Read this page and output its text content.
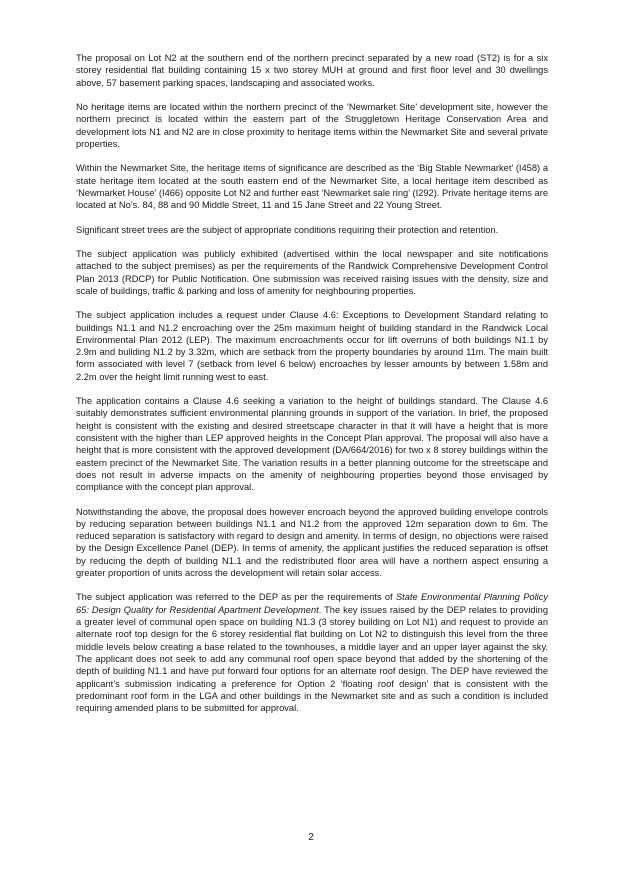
The proposal on Lot N2 at the southern end of the northern precinct separated by a new road (ST2) is for a six storey residential flat building containing 15 x two storey MUH at ground and first floor level and 30 dwellings above, 57 basement parking spaces, landscaping and associated works.

No heritage items are located within the northern precinct of the ‘Newmarket Site’ development site, however the northern precinct is located within the eastern part of the Struggletown Heritage Conservation Area and development lots N1 and N2 are in close proximity to heritage items within the Newmarket Site and several private properties.

Within the Newmarket Site, the heritage items of significance are described as the ‘Big Stable Newmarket’ (I458) a state heritage item located at the south eastern end of the Newmarket Site, a local heritage item described as ‘Newmarket House’ (I466) opposite Lot N2 and further east ‘Newmarket sale ring’ (I292). Private heritage items are located at No’s. 84, 88 and 90 Middle Street, 11 and 15 Jane Street and 22 Young Street.

Significant street trees are the subject of appropriate conditions requiring their protection and retention.

The subject application was publicly exhibited (advertised within the local newspaper and site notifications attached to the subject premises) as per the requirements of the Randwick Comprehensive Development Control Plan 2013 (RDCP) for Public Notification. One submission was received raising issues with the density, size and scale of buildings, traffic & parking and loss of amenity for neighbouring properties.

The subject application includes a request under Clause 4.6: Exceptions to Development Standard relating to buildings N1.1 and N1.2 encroaching over the 25m maximum height of building standard in the Randwick Local Environmental Plan 2012 (LEP). The maximum encroachments occur for lift overruns of both buildings N1.1 by 2.9m and building N1.2 by 3.32m, which are setback from the property boundaries by around 11m. The main built form associated with level 7 (setback from level 6 below) encroaches by lesser amounts by between 1.58m and 2.2m over the height limit running west to east.

The application contains a Clause 4.6 seeking a variation to the height of buildings standard. The Clause 4.6 suitably demonstrates sufficient environmental planning grounds in support of the variation. In brief, the proposed height is consistent with the existing and desired streetscape character in that it will have a height that is more consistent with the higher than LEP approved heights in the Concept Plan approval. The proposal will also have a height that is more consistent with the approved development (DA/664/2016) for two x 8 storey buildings within the eastern precinct of the Newmarket Site. The variation results in a better planning outcome for the streetscape and does not result in adverse impacts on the amenity of neighbouring properties beyond those envisaged by compliance with the concept plan approval.

Notwithstanding the above, the proposal does however encroach beyond the approved building envelope controls by reducing separation between buildings N1.1 and N1.2 from the approved 12m separation down to 6m. The reduced separation is satisfactory with regard to design and amenity. In terms of design, no objections were raised by the Design Excellence Panel (DEP). In terms of amenity, the applicant justifies the reduced separation is offset by reducing the depth of building N1.1 and the redistributed floor area will have a northern aspect ensuring a greater proportion of units across the development will retain solar access.

The subject application was referred to the DEP as per the requirements of State Environmental Planning Policy 65: Design Quality for Residential Apartment Development. The key issues raised by the DEP relates to providing a greater level of communal open space on building N1.3 (3 storey building on Lot N1) and request to provide an alternate roof top design for the 6 storey residential flat building on Lot N2 to distinguish this level from the three middle levels below creating a base related to the townhouses, a middle layer and an upper layer against the sky. The applicant does not seek to add any communal roof open space beyond that added by the shortening of the depth of building N1.1 and have put forward four options for an alternate roof design. The DEP have reviewed the applicant’s submission indicating a preference for Option 2 ‘floating roof design’ that is consistent with the predominant roof form in the LGA and other buildings in the Newmarket site and as such a condition is included requiring amended plans to be submitted for approval.

2
